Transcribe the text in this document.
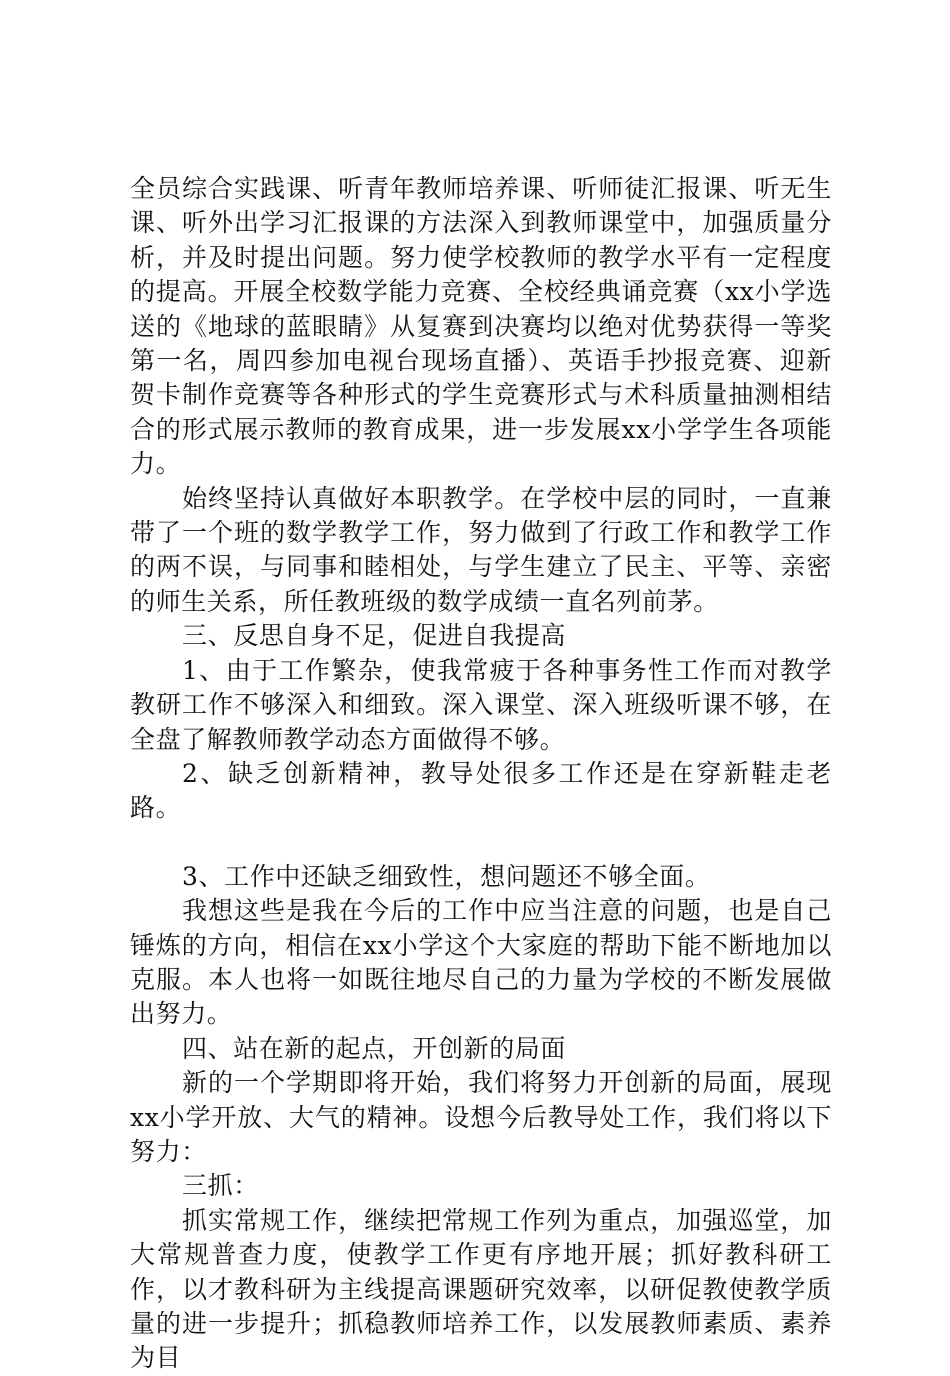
全员综合实践课、听青年教师培养课、听师徒汇报课、听无生课、听外出学习汇报课的方法深入到教师课堂中，加强质量分析，并及时提出问题。努力使学校教师的教学水平有一定程度的提高。开展全校数学能力竞赛、全校经典诵竞赛（xx小学选送的《地球的蓝眼睛》从复赛到决赛均以绝对优势获得一等奖第一名，周四参加电视台现场直播）、英语手抄报竞赛、迎新贺卡制作竞赛等各种形式的学生竞赛形式与术科质量抽测相结合的形式展示教师的教育成果，进一步发展xx小学学生各项能力。

始终坚持认真做好本职教学。在学校中层的同时，一直兼带了一个班的数学教学工作，努力做到了行政工作和教学工作的两不误，与同事和睦相处，与学生建立了民主、平等、亲密的师生关系，所任教班级的数学成绩一直名列前茅。

三、反思自身不足，促进自我提高

1、由于工作繁杂，使我常疲于各种事务性工作而对教学教研工作不够深入和细致。深入课堂、深入班级听课不够，在全盘了解教师教学动态方面做得不够。

2、缺乏创新精神，教导处很多工作还是在穿新鞋走老路。

3、工作中还缺乏细致性，想问题还不够全面。

我想这些是我在今后的工作中应当注意的问题，也是自己锤炼的方向，相信在xx小学这个大家庭的帮助下能不断地加以克服。本人也将一如既往地尽自己的力量为学校的不断发展做出努力。

四、站在新的起点，开创新的局面

新的一个学期即将开始，我们将努力开创新的局面，展现xx小学开放、大气的精神。设想今后教导处工作，我们将以下努力：

三抓：

抓实常规工作，继续把常规工作列为重点，加强巡堂，加大常规普查力度，使教学工作更有序地开展；抓好教科研工作，以才教科研为主线提高课题研究效率，以研促教使教学质量的进一步提升；抓稳教师培养工作，以发展教师素质、素养为目
